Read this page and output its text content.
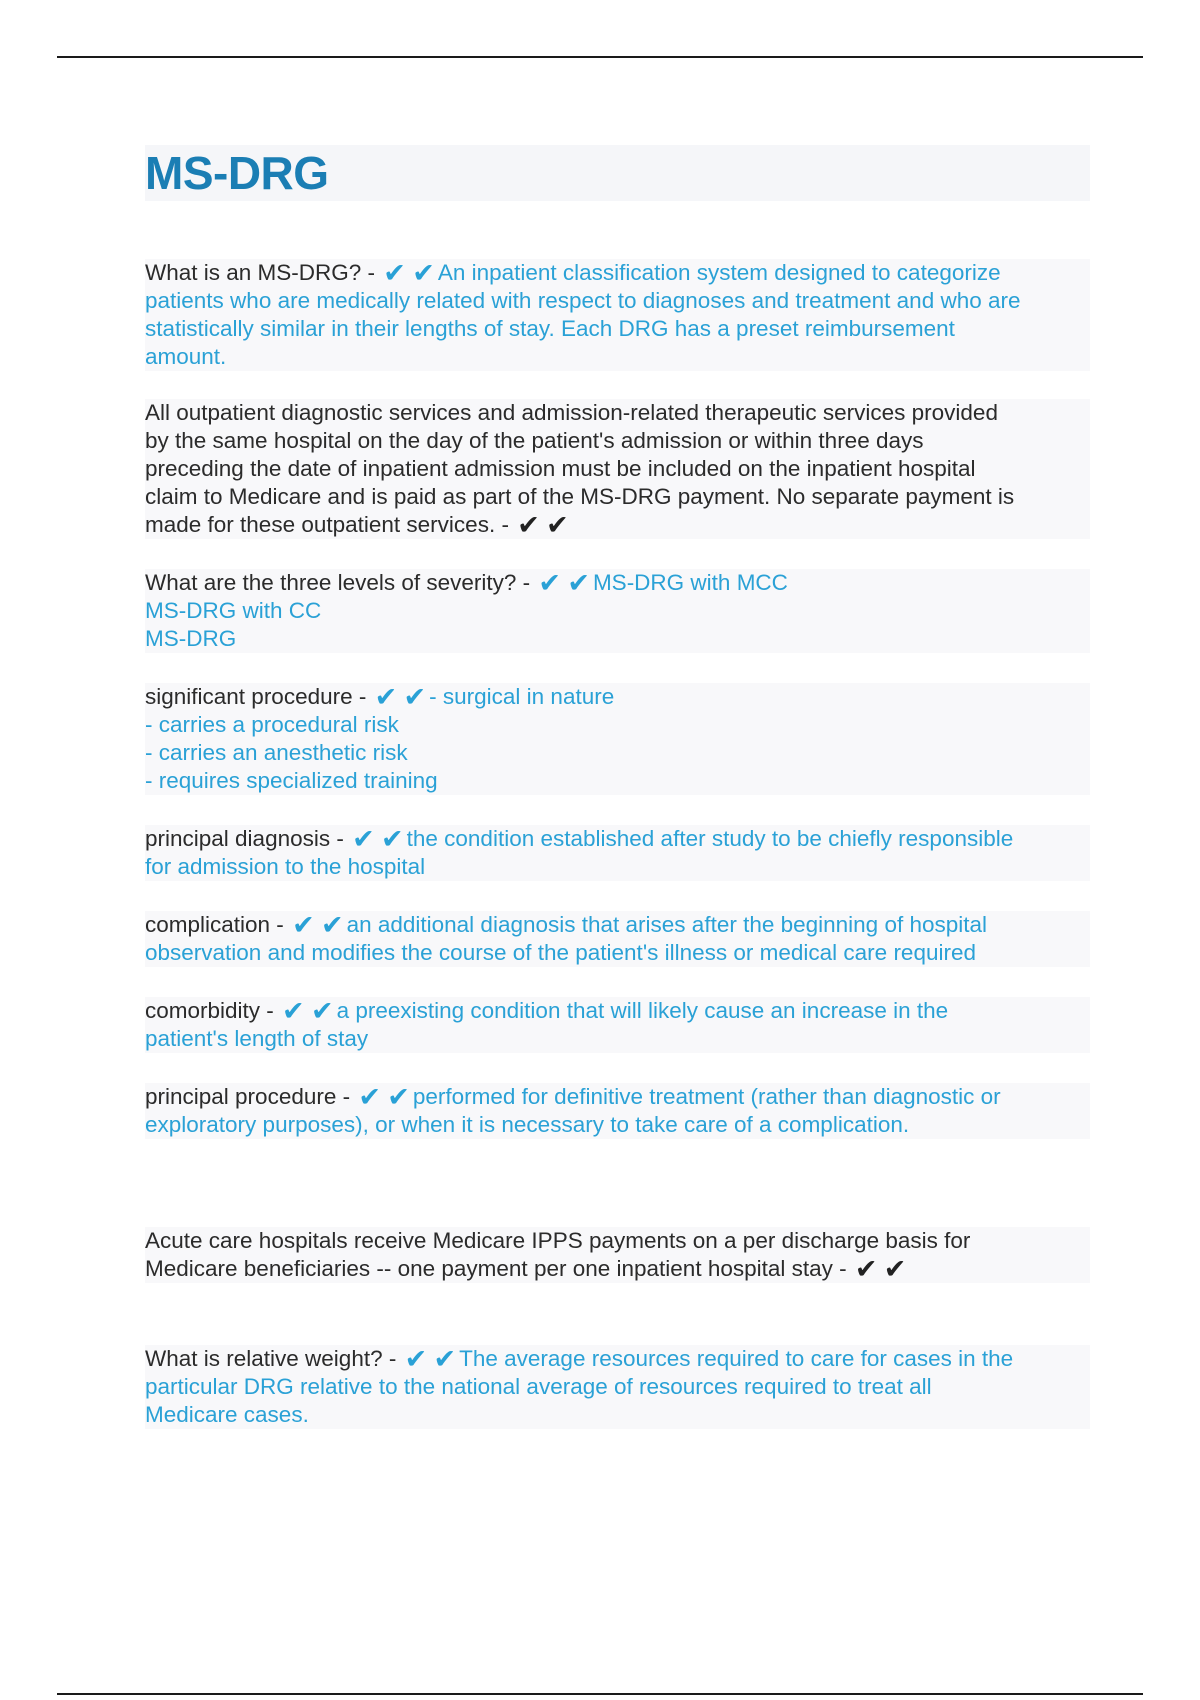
MS-DRG
What is an MS-DRG? - ✔ ✔ An inpatient classification system designed to categorize
patients who are medically related with respect to diagnoses and treatment and who are
statistically similar in their lengths of stay. Each DRG has a preset reimbursement
amount.
All outpatient diagnostic services and admission-related therapeutic services provided
by the same hospital on the day of the patient's admission or within three days
preceding the date of inpatient admission must be included on the inpatient hospital
claim to Medicare and is paid as part of the MS-DRG payment. No separate payment is
made for these outpatient services. - ✔ ✔
What are the three levels of severity? - ✔ ✔ MS-DRG with MCC
MS-DRG with CC
MS-DRG
significant procedure - ✔ ✔ - surgical in nature
- carries a procedural risk
- carries an anesthetic risk
- requires specialized training
principal diagnosis - ✔ ✔ the condition established after study to be chiefly responsible
for admission to the hospital
complication - ✔ ✔ an additional diagnosis that arises after the beginning of hospital
observation and modifies the course of the patient's illness or medical care required
comorbidity - ✔ ✔ a preexisting condition that will likely cause an increase in the
patient's length of stay
principal procedure - ✔ ✔ performed for definitive treatment (rather than diagnostic or
exploratory purposes), or when it is necessary to take care of a complication.
Acute care hospitals receive Medicare IPPS payments on a per discharge basis for
Medicare beneficiaries -- one payment per one inpatient hospital stay - ✔ ✔
What is relative weight? - ✔ ✔ The average resources required to care for cases in the
particular DRG relative to the national average of resources required to treat all
Medicare cases.
